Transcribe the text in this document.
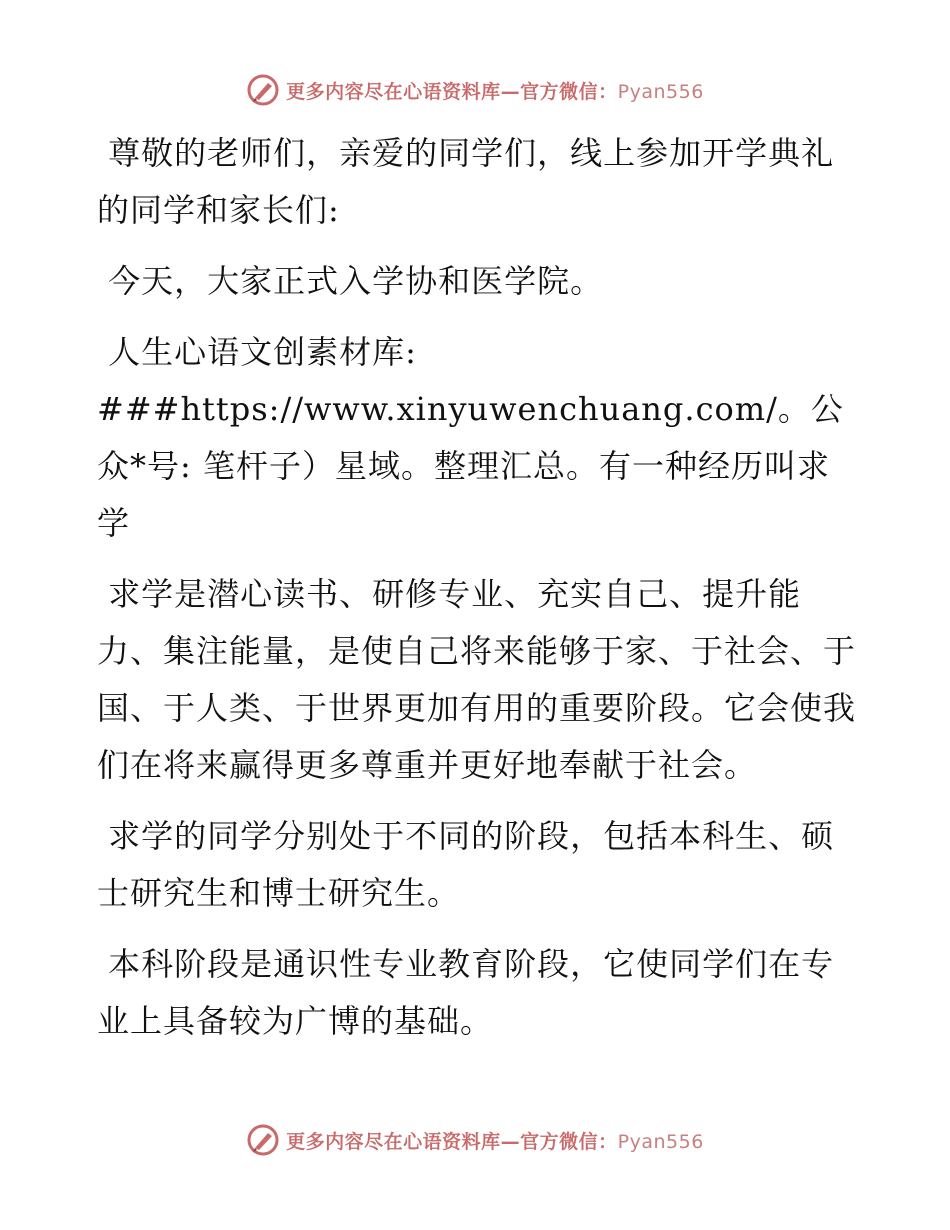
更多内容尽在心语资料库—官方微信：Pyan556

尊敬的老师们，亲爱的同学们，线上参加开学典礼的同学和家长们:

今天，大家正式入学协和医学院。

人生心语文创素材库: ###https://www.xinyuwenchuang.com/。公众*号: 笔杆子）星域。整理汇总。有一种经历叫求学

求学是潜心读书、研修专业、充实自己、提升能力、集注能量，是使自己将来能够于家、于社会、于国、于人类、于世界更加有用的重要阶段。它会使我们在将来赢得更多尊重并更好地奉献于社会。

求学的同学分别处于不同的阶段，包括本科生、硕士研究生和博士研究生。

本科阶段是通识性专业教育阶段，它使同学们在专业上具备较为广博的基础。

更多内容尽在心语资料库—官方微信：Pyan556
